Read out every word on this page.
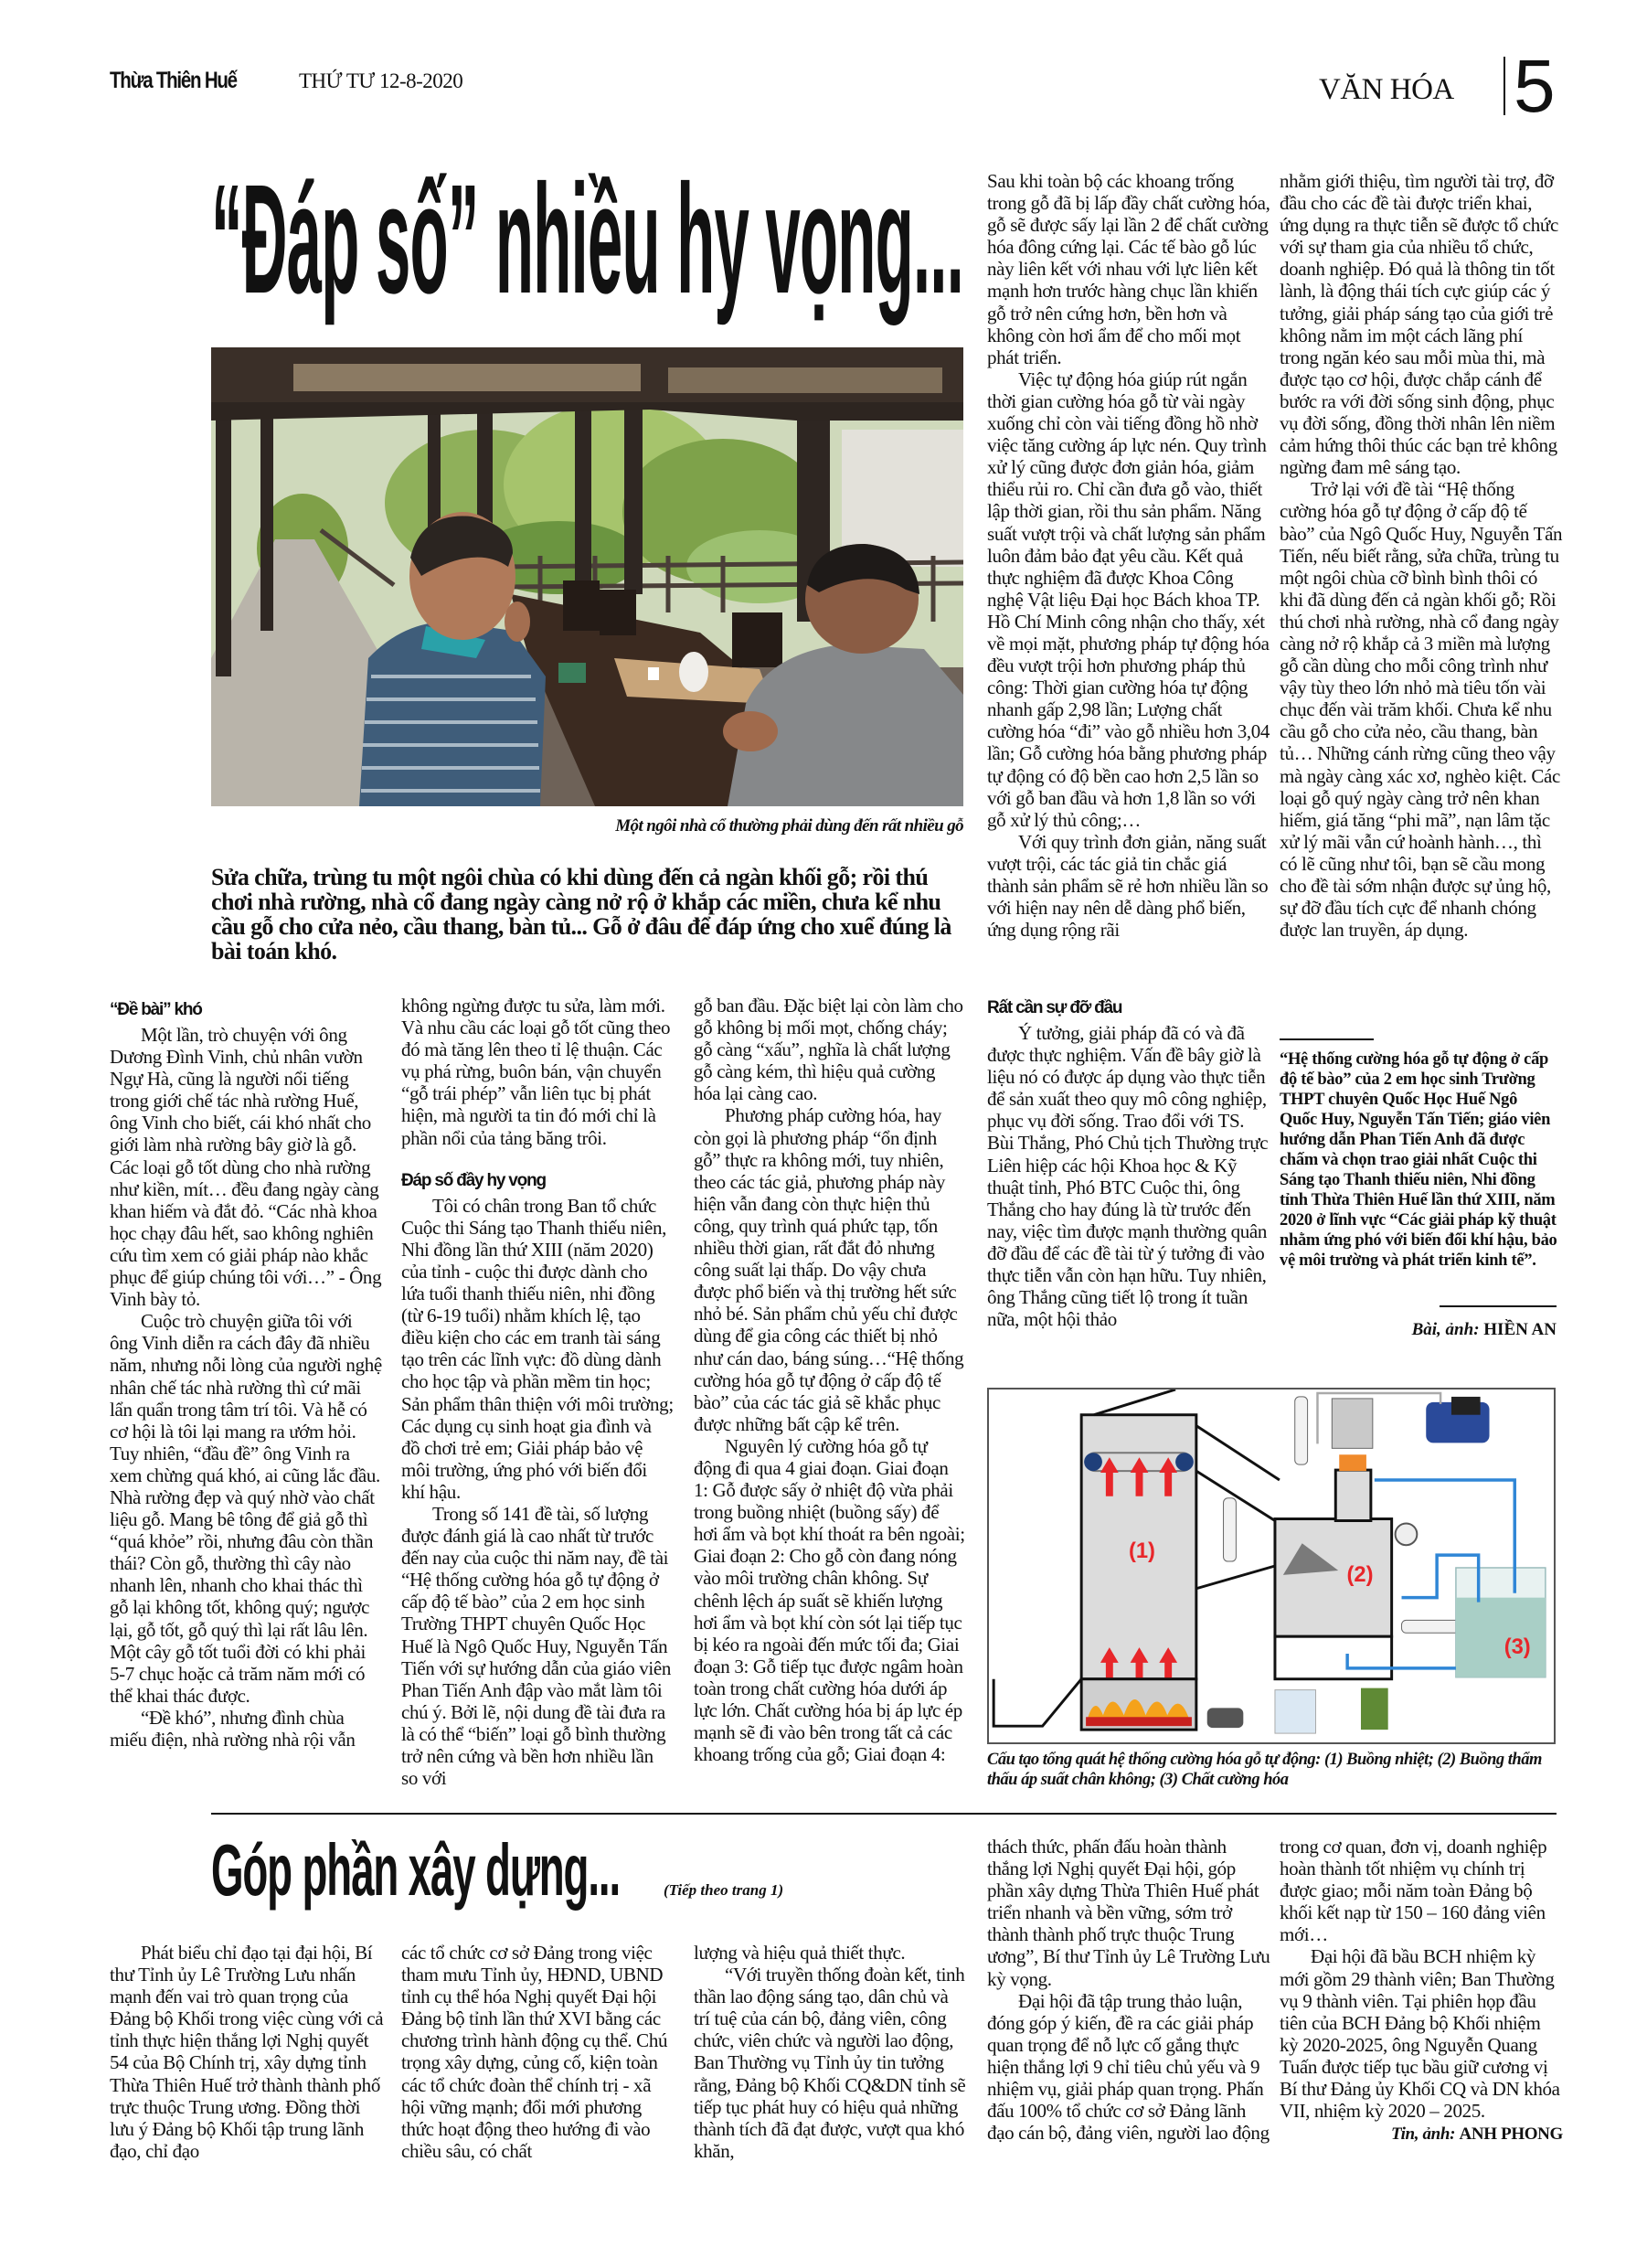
Thừa Thiên Huế	THỨ TƯ 12-8-2020	VĂN HÓA 5
“Đáp số” nhiều hy vọng...
Một ngôi nhà cổ thường phải dùng đến rất nhiều gỗ
Sửa chữa, trùng tu một ngôi chùa có khi dùng đến cả ngàn khối gỗ; rồi thú chơi nhà rường, nhà cổ đang ngày càng nở rộ ở khắp các miền, chưa kể nhu cầu gỗ cho cửa nẻo, cầu thang, bàn tủ... Gỗ ở đâu để đáp ứng cho xuể đúng là bài toán khó.
“Đề bài” khó

Một lần, trò chuyện với ông Dương Đình Vinh, chủ nhân vườn Ngự Hà, cũng là người nổi tiếng trong giới chế tác nhà rường Huế, ông Vinh cho biết, cái khó nhất cho giới làm nhà rường bây giờ là gỗ. Các loại gỗ tốt dùng cho nhà rường như kiền, mít… đều đang ngày càng khan hiếm và đắt đỏ. “Các nhà khoa học chạy đâu hết, sao không nghiên cứu tìm xem có giải pháp nào khắc phục để giúp chúng tôi với…” - Ông Vinh bày tỏ.

Cuộc trò chuyện giữa tôi với ông Vinh diễn ra cách đây đã nhiều năm, nhưng nỗi lòng của người nghệ nhân chế tác nhà rường thì cứ mãi lẩn quẩn trong tâm trí tôi. Và hễ có cơ hội là tôi lại mang ra ướm hỏi. Tuy nhiên, “đầu đề” ông Vinh ra xem chừng quá khó, ai cũng lắc đầu. Nhà rường đẹp và quý nhờ vào chất liệu gỗ. Mang bê tông để giả gỗ thì “quá khỏe” rồi, nhưng đâu còn thần thái? Còn gỗ, thường thì cây nào nhanh lên, nhanh cho khai thác thì gỗ lại không tốt, không quý; ngược lại, gỗ tốt, gỗ quý thì lại rất lâu lên. Một cây gỗ tốt tuổi đời có khi phải 5-7 chục hoặc cả trăm năm mới có thể khai thác được.

“Đề khó”, nhưng đình chùa miếu điện, nhà rường nhà rội vẫn

không ngừng được tu sửa, làm mới. Và nhu cầu các loại gỗ tốt cũng theo đó mà tăng lên theo tỉ lệ thuận. Các vụ phá rừng, buôn bán, vận chuyển “gỗ trái phép” vẫn liên tục bị phát hiện, mà người ta tin đó mới chỉ là phần nổi của tảng băng trôi.

Đáp số đầy hy vọng

Tôi có chân trong Ban tổ chức Cuộc thi Sáng tạo Thanh thiếu niên, Nhi đồng lần thứ XIII (năm 2020) của tỉnh - cuộc thi được dành cho lứa tuổi thanh thiếu niên, nhi đồng (từ 6-19 tuổi) nhằm khích lệ, tạo điều kiện cho các em tranh tài sáng tạo trên các lĩnh vực: đồ dùng dành cho học tập và phần mềm tin học; Sản phẩm thân thiện với môi trường; Các dụng cụ sinh hoạt gia đình và đồ chơi trẻ em; Giải pháp bảo vệ môi trường, ứng phó với biến đổi khí hậu.

Trong số 141 đề tài, số lượng được đánh giá là cao nhất từ trước đến nay của cuộc thi năm nay, đề tài “Hệ thống cường hóa gỗ tự động ở cấp độ tế bào” của 2 em học sinh Trường THPT chuyên Quốc Học Huế là Ngô Quốc Huy, Nguyễn Tấn Tiến với sự hướng dẫn của giáo viên Phan Tiến Anh đập vào mắt làm tôi chú ý. Bởi lẽ, nội dung đề tài đưa ra là có thể “biến” loại gỗ bình thường trở nên cứng và bền hơn nhiều lần so với

gỗ ban đầu. Đặc biệt lại còn làm cho gỗ không bị mối mọt, chống cháy; gỗ càng “xấu”, nghĩa là chất lượng gỗ càng kém, thì hiệu quả cường hóa lại càng cao.

Phương pháp cường hóa, hay còn gọi là phương pháp “ổn định gỗ” thực ra không mới, tuy nhiên, theo các tác giả, phương pháp này hiện vẫn đang còn thực hiện thủ công, quy trình quá phức tạp, tốn nhiều thời gian, rất đắt đỏ nhưng công suất lại thấp. Do vậy chưa được phổ biến và thị trường hết sức nhỏ bé. Sản phẩm chủ yếu chỉ được dùng để gia công các thiết bị nhỏ như cán dao, báng súng…“Hệ thống cường hóa gỗ tự động ở cấp độ tế bào” của các tác giả sẽ khắc phục được những bất cập kể trên.

Nguyên lý cường hóa gỗ tự động đi qua 4 giai đoạn. Giai đoạn 1: Gỗ được sấy ở nhiệt độ vừa phải trong buồng nhiệt (buồng sấy) để hơi ẩm và bọt khí thoát ra bên ngoài; Giai đoạn 2: Cho gỗ còn đang nóng vào môi trường chân không. Sự chênh lệch áp suất sẽ khiến lượng hơi ẩm và bọt khí còn sót lại tiếp tục bị kéo ra ngoài đến mức tối đa; Giai đoạn 3: Gỗ tiếp tục được ngâm hoàn toàn trong chất cường hóa dưới áp lực lớn. Chất cường hóa bị áp lực ép mạnh sẽ đi vào bên trong tất cả các khoang trống của gỗ; Giai đoạn 4:

Rất cần sự đỡ đầu

Ý tưởng, giải pháp đã có và đã được thực nghiệm. Vấn đề bây giờ là liệu nó có được áp dụng vào thực tiễn để sản xuất theo quy mô công nghiệp, phục vụ đời sống. Trao đổi với TS. Bùi Thắng, Phó Chủ tịch Thường trực Liên hiệp các hội Khoa học & Kỹ thuật tỉnh, Phó BTC Cuộc thi, ông Thắng cho hay đúng là từ trước đến nay, việc tìm được mạnh thường quân đỡ đầu để các đề tài từ ý tưởng đi vào thực tiễn vẫn còn hạn hữu. Tuy nhiên, ông Thắng cũng tiết lộ trong ít tuần nữa, một hội thảo

Sau khi toàn bộ các khoang trống trong gỗ đã bị lấp đầy chất cường hóa, gỗ sẽ được sấy lại lần 2 để chất cường hóa đông cứng lại. Các tế bào gỗ lúc này liên kết với nhau với lực liên kết mạnh hơn trước hàng chục lần khiến gỗ trở nên cứng hơn, bền hơn và không còn hơi ẩm để cho mối mọt phát triển.

Việc tự động hóa giúp rút ngắn thời gian cường hóa gỗ từ vài ngày xuống chỉ còn vài tiếng đồng hồ nhờ việc tăng cường áp lực nén. Quy trình xử lý cũng được đơn giản hóa, giảm thiểu rủi ro. Chỉ cần đưa gỗ vào, thiết lập thời gian, rồi thu sản phẩm. Năng suất vượt trội và chất lượng sản phẩm luôn đảm bảo đạt yêu cầu. Kết quả thực nghiệm đã được Khoa Công nghệ Vật liệu Đại học Bách khoa TP. Hồ Chí Minh công nhận cho thấy, xét về mọi mặt, phương pháp tự động hóa đều vượt trội hơn phương pháp thủ công: Thời gian cường hóa tự động nhanh gấp 2,98 lần; Lượng chất cường hóa “đi” vào gỗ nhiều hơn 3,04 lần; Gỗ cường hóa bằng phương pháp tự động có độ bền cao hơn 2,5 lần so với gỗ ban đầu và hơn 1,8 lần so với gỗ xử lý thủ công;…

Với quy trình đơn giản, năng suất vượt trội, các tác giả tin chắc giá thành sản phẩm sẽ rẻ hơn nhiều lần so với hiện nay nên dễ dàng phổ biến, ứng dụng rộng rãi

nhằm giới thiệu, tìm người tài trợ, đỡ đầu cho các đề tài được triển khai, ứng dụng ra thực tiễn sẽ được tổ chức với sự tham gia của nhiều tổ chức, doanh nghiệp. Đó quả là thông tin tốt lành, là động thái tích cực giúp các ý tưởng, giải pháp sáng tạo của giới trẻ không nằm im một cách lãng phí trong ngăn kéo sau mỗi mùa thi, mà được tạo cơ hội, được chắp cánh để bước ra với đời sống sinh động, phục vụ đời sống, đồng thời nhân lên niềm cảm hứng thôi thúc các bạn trẻ không ngừng đam mê sáng tạo.

Trở lại với đề tài “Hệ thống cường hóa gỗ tự động ở cấp độ tế bào” của Ngô Quốc Huy, Nguyễn Tấn Tiến, nếu biết rằng, sửa chữa, trùng tu một ngôi chùa cỡ bình bình thôi có khi đã dùng đến cả ngàn khối gỗ; Rồi thú chơi nhà rường, nhà cổ đang ngày càng nở rộ khắp cả 3 miền mà lượng gỗ cần dùng cho mỗi công trình như vậy tùy theo lớn nhỏ mà tiêu tốn vài chục đến vài trăm khối. Chưa kể nhu cầu gỗ cho cửa nẻo, cầu thang, bàn tủ… Những cánh rừng cũng theo vậy mà ngày càng xác xơ, nghèo kiệt. Các loại gỗ quý ngày càng trở nên khan hiếm, giá tăng “phi mã”, nạn lâm tặc xử lý mãi vẫn cứ hoành hành…, thì có lẽ cũng như tôi, bạn sẽ cầu mong cho đề tài sớm nhận được sự ủng hộ, sự đỡ đầu tích cực để nhanh chóng được lan truyền, áp dụng.

“Hệ thống cường hóa gỗ tự động ở cấp độ tế bào” của 2 em học sinh Trường THPT chuyên Quốc Học Huế Ngô Quốc Huy, Nguyễn Tấn Tiến; giáo viên hướng dẫn Phan Tiến Anh đã được chấm và chọn trao giải nhất Cuộc thi Sáng tạo Thanh thiếu niên, Nhi đồng tỉnh Thừa Thiên Huế lần thứ XIII, năm 2020 ở lĩnh vực “Các giải pháp kỹ thuật nhằm ứng phó với biến đổi khí hậu, bảo vệ môi trường và phát triển kinh tế”.
Bài, ảnh: HIỀN AN
(1)
(2)
(3)
Cấu tạo tổng quát hệ thống cường hóa gỗ tự động: (1) Buồng nhiệt; (2) Buồng thẩm thấu áp suất chân không; (3) Chất cường hóa
Góp phần xây dựng...	(Tiếp theo trang 1)

Phát biểu chỉ đạo tại đại hội, Bí thư Tỉnh ủy Lê Trường Lưu nhấn mạnh đến vai trò quan trọng của Đảng bộ Khối trong việc cùng với cả tỉnh thực hiện thắng lợi Nghị quyết 54 của Bộ Chính trị, xây dựng tỉnh Thừa Thiên Huế trở thành thành phố trực thuộc Trung ương. Đồng thời lưu ý Đảng bộ Khối tập trung lãnh đạo, chỉ đạo

các tổ chức cơ sở Đảng trong việc tham mưu Tỉnh ủy, HĐND, UBND tỉnh cụ thể hóa Nghị quyết Đại hội Đảng bộ tỉnh lần thứ XVI bằng các chương trình hành động cụ thể. Chú trọng xây dựng, củng cố, kiện toàn các tổ chức đoàn thể chính trị - xã hội vững mạnh; đổi mới phương thức hoạt động theo hướng đi vào chiều sâu, có chất

lượng và hiệu quả thiết thực.

“Với truyền thống đoàn kết, tinh thần lao động sáng tạo, dân chủ và trí tuệ của cán bộ, đảng viên, công chức, viên chức và người lao động, Ban Thường vụ Tỉnh ủy tin tưởng rằng, Đảng bộ Khối CQ&DN tỉnh sẽ tiếp tục phát huy có hiệu quả những thành tích đã đạt được, vượt qua khó khăn,

thách thức, phấn đấu hoàn thành thắng lợi Nghị quyết Đại hội, góp phần xây dựng Thừa Thiên Huế phát triển nhanh và bền vững, sớm trở thành thành phố trực thuộc Trung ương”, Bí thư Tỉnh ủy Lê Trường Lưu kỳ vọng.

Đại hội đã tập trung thảo luận, đóng góp ý kiến, đề ra các giải pháp quan trọng để nỗ lực cố gắng thực hiện thắng lợi 9 chỉ tiêu chủ yếu và 9 nhiệm vụ, giải pháp quan trọng. Phấn đấu 100% tổ chức cơ sở Đảng lãnh đạo cán bộ, đảng viên, người lao động

trong cơ quan, đơn vị, doanh nghiệp hoàn thành tốt nhiệm vụ chính trị được giao; mỗi năm toàn Đảng bộ khối kết nạp từ 150 – 160 đảng viên mới…

Đại hội đã bầu BCH nhiệm kỳ mới gồm 29 thành viên; Ban Thường vụ 9 thành viên. Tại phiên họp đầu tiên của BCH Đảng bộ Khối nhiệm kỳ 2020-2025, ông Nguyễn Quang Tuấn được tiếp tục bầu giữ cương vị Bí thư Đảng ủy Khối CQ và DN khóa VII, nhiệm kỳ 2020 – 2025.

Tin, ảnh: ANH PHONG
